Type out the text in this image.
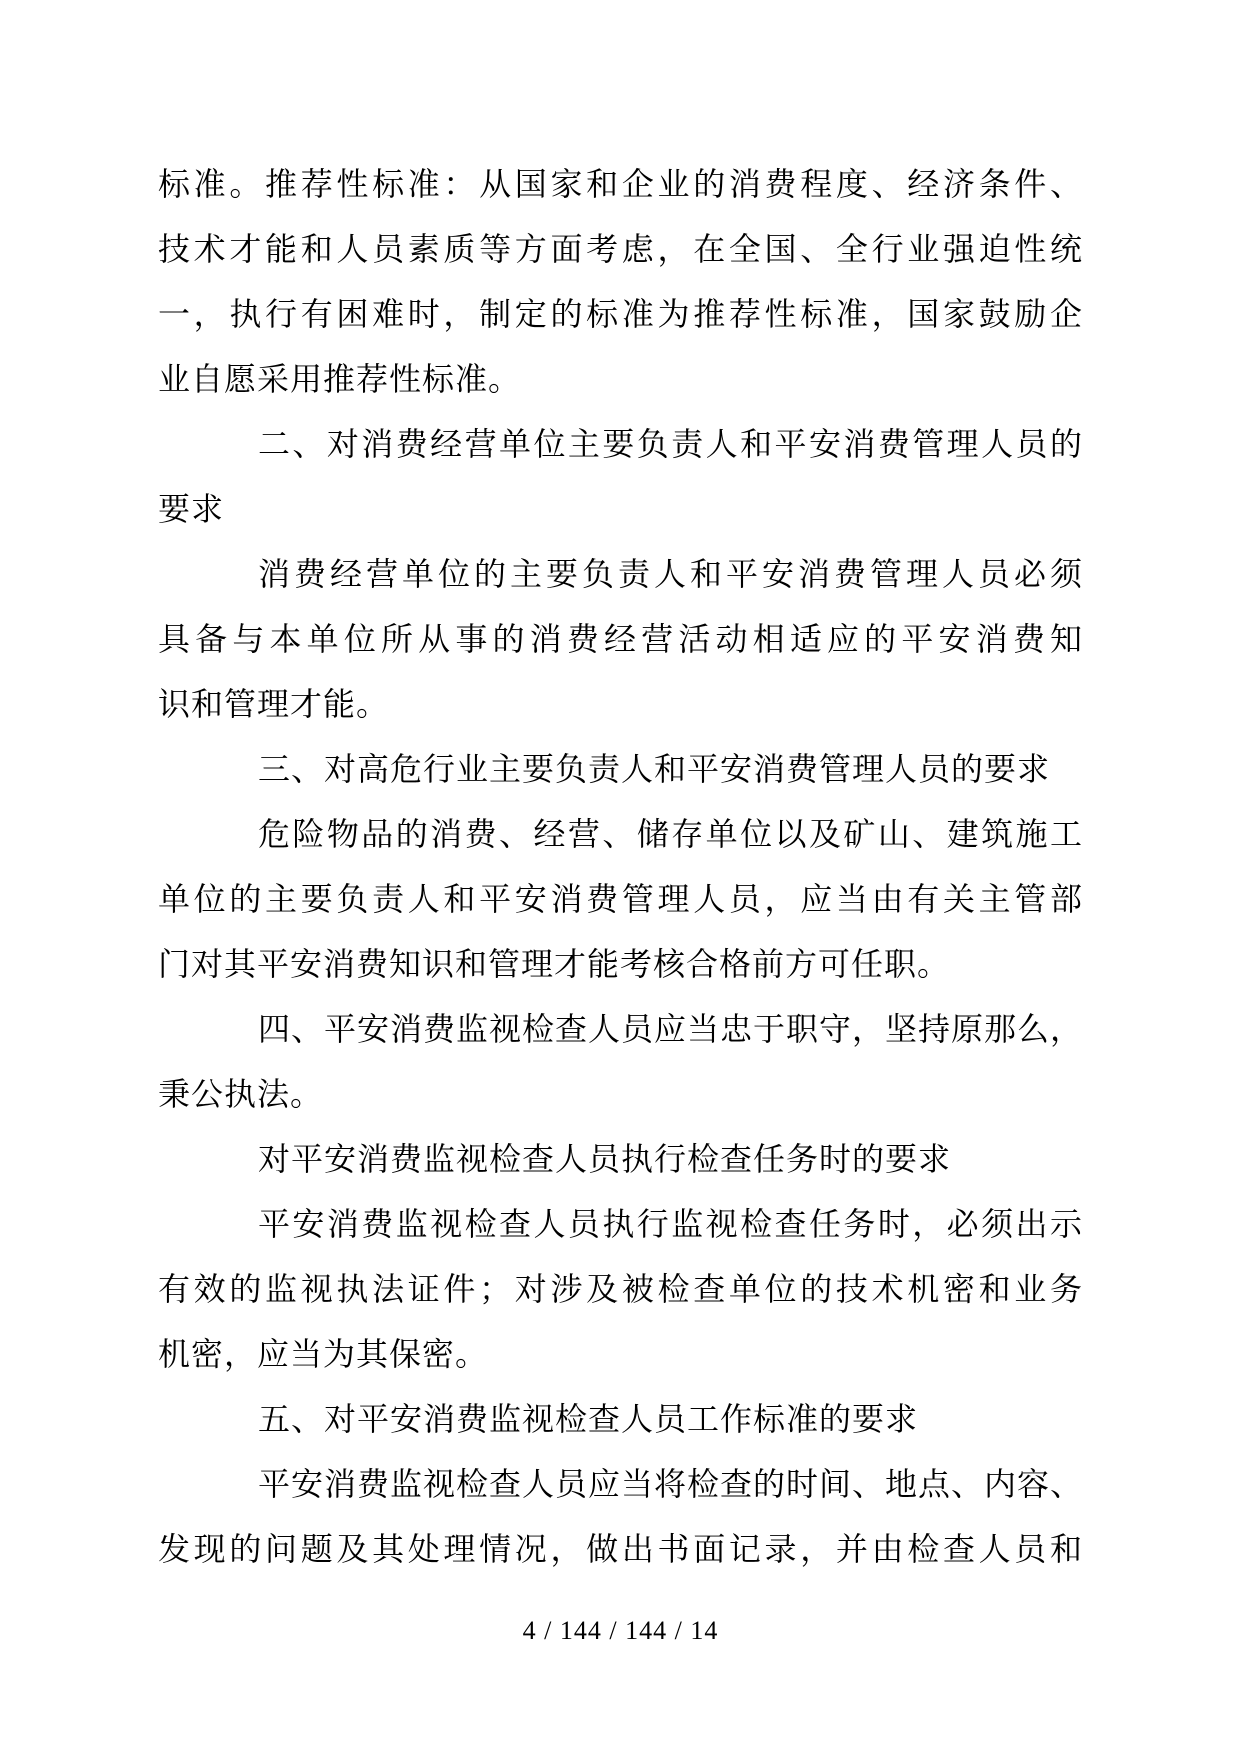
标准。推荐性标准：从国家和企业的消费程度、经济条件、
技术才能和人员素质等方面考虑，在全国、全行业强迫性统
一，执行有困难时，制定的标准为推荐性标准，国家鼓励企
业自愿采用推荐性标准。
二、对消费经营单位主要负责人和平安消费管理人员的
要求
消费经营单位的主要负责人和平安消费管理人员必须
具备与本单位所从事的消费经营活动相适应的平安消费知
识和管理才能。
三、对高危行业主要负责人和平安消费管理人员的要求
危险物品的消费、经营、储存单位以及矿山、建筑施工
单位的主要负责人和平安消费管理人员，应当由有关主管部
门对其平安消费知识和管理才能考核合格前方可任职。
四、平安消费监视检查人员应当忠于职守，坚持原那么，
秉公执法。
对平安消费监视检查人员执行检查任务时的要求
平安消费监视检查人员执行监视检查任务时，必须出示
有效的监视执法证件；对涉及被检查单位的技术机密和业务
机密，应当为其保密。
五、对平安消费监视检查人员工作标准的要求
平安消费监视检查人员应当将检查的时间、地点、内容、
发现的问题及其处理情况，做出书面记录，并由检查人员和
4 / 144 / 144 / 14
